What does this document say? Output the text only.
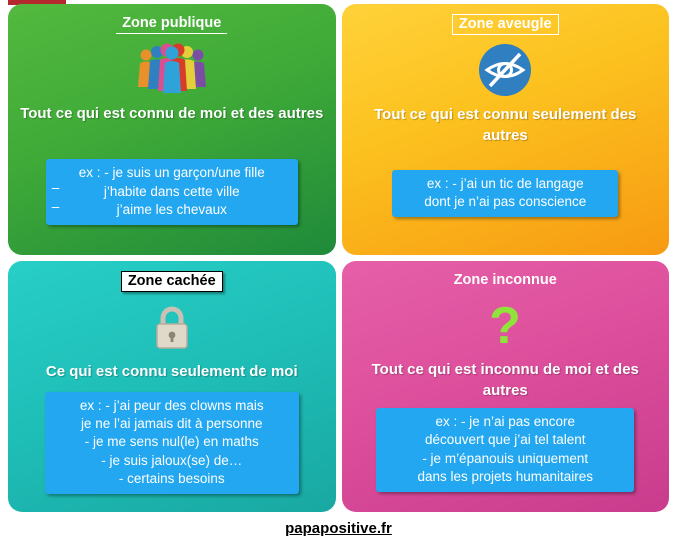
Zone publique
Tout ce qui est connu de moi et des autres
ex : - je suis un garçon/une fille
j’habite dans cette ville
j’aime les chevaux
–
–
Zone aveugle
Tout ce qui est connu seulement des autres
ex : - j’ai un tic de langage
dont je n’ai pas conscience
Zone cachée
Ce qui est connu seulement de moi
ex : - j’ai peur des clowns mais
je ne l’ai jamais dit à personne
- je me sens nul(le) en maths
- je suis jaloux(se) de…
- certains besoins
Zone inconnue
?
Tout ce qui est inconnu de moi et des autres
ex : - je n’ai pas encore
découvert que j’ai tel talent
- je m’épanouis uniquement
dans les projets humanitaires
papapositive.fr
